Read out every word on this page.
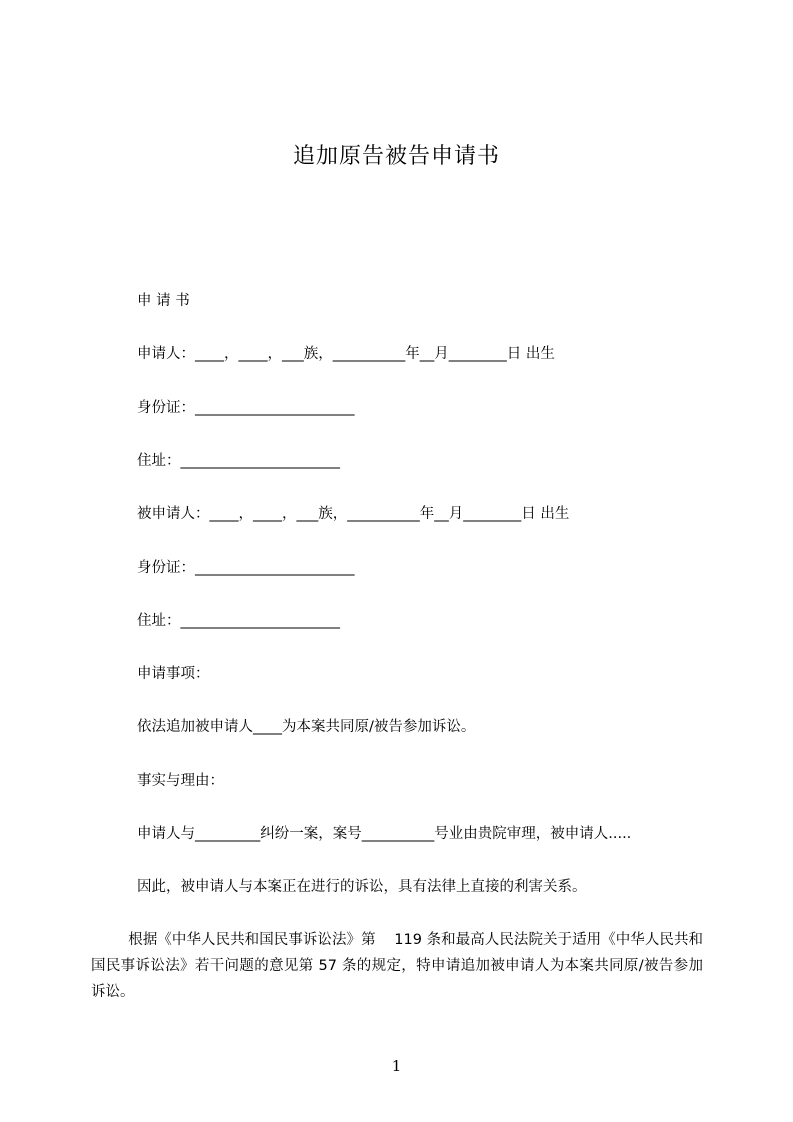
追加原告被告申请书
申 请 书
申请人：____，____，___族，__________年__月________日 出生
身份证：______________________
住址：______________________
被申请人：____，____，___族，__________年__月________日 出生
身份证：______________________
住址：______________________
申请事项：
依法追加被申请人____为本案共同原/被告参加诉讼。
事实与理由：
申请人与_________纠纷一案，案号__________号业由贵院审理，被申请人.....
因此，被申请人与本案正在进行的诉讼，具有法律上直接的利害关系。
根据《中华人民共和国民事诉讼法》第    119 条和最高人民法院关于适用《中华人民共和国民事诉讼法》若干问题的意见第 57 条的规定，特申请追加被申请人为本案共同原/被告参加诉讼。
1
